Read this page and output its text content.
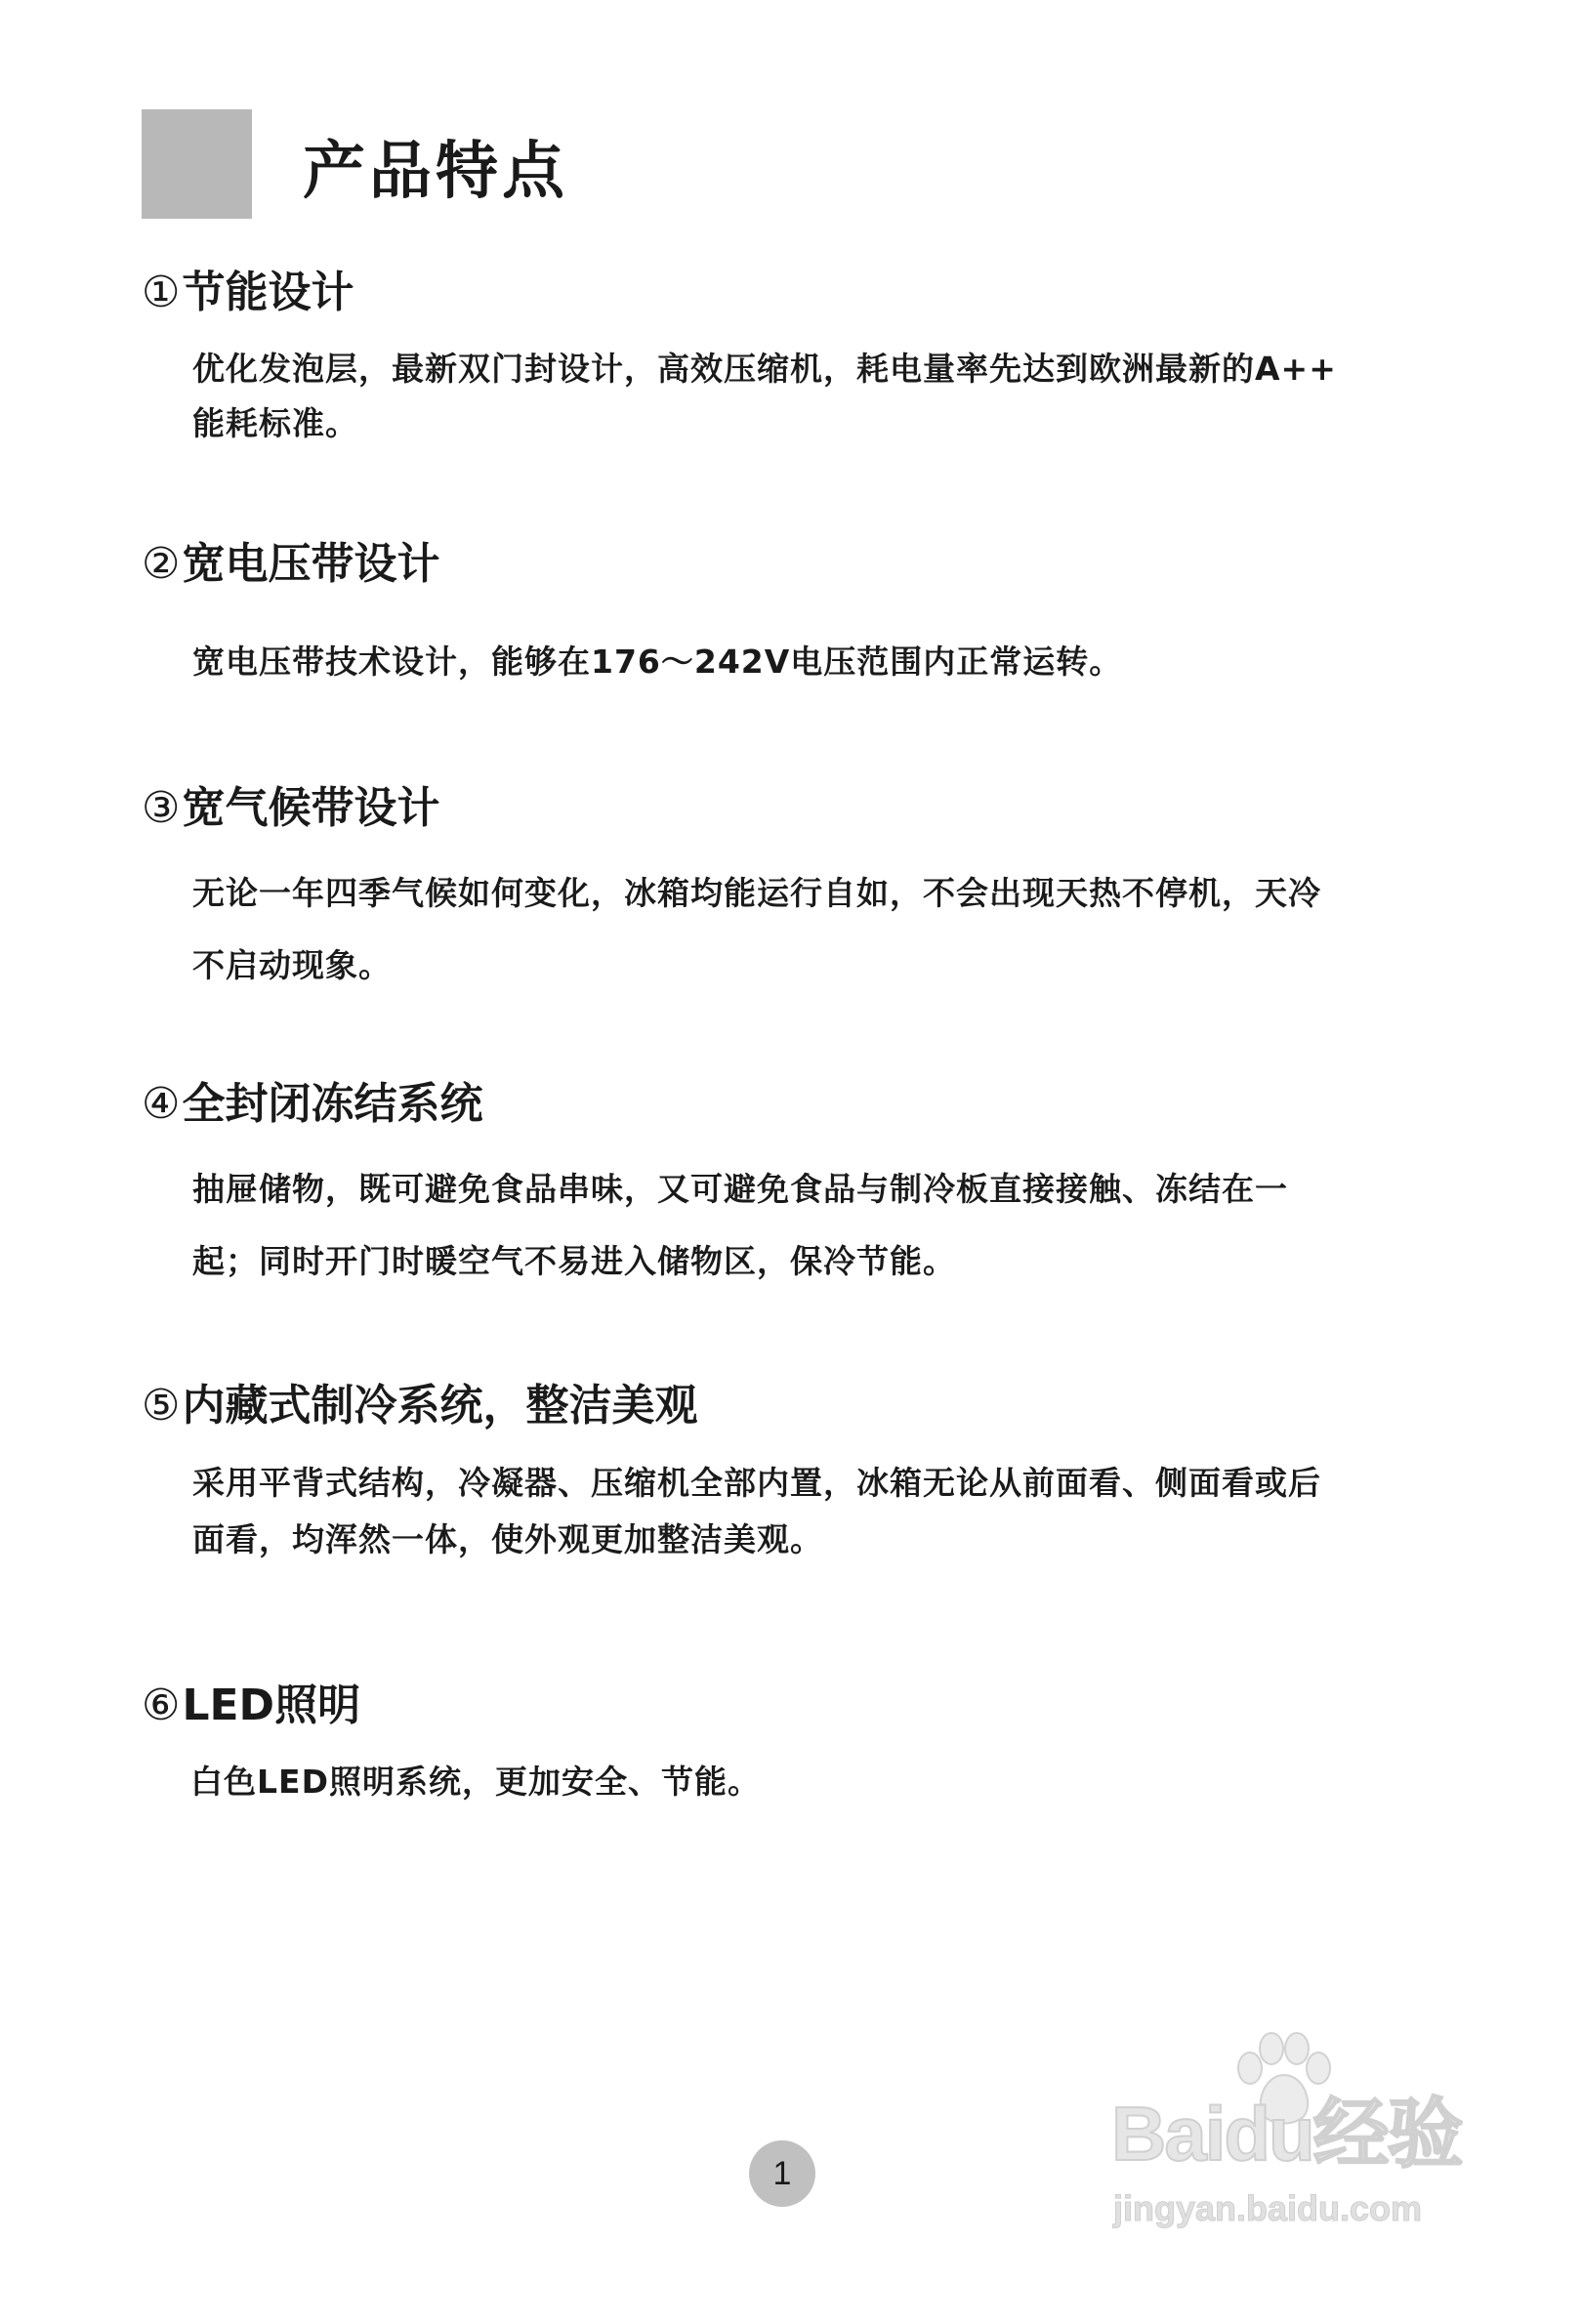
产品特点
①节能设计
优化发泡层，最新双门封设计，高效压缩机，耗电量率先达到欧洲最新的A++
能耗标准。
②宽电压带设计
宽电压带技术设计，能够在176～242V电压范围内正常运转。
③宽气候带设计
无论一年四季气候如何变化，冰箱均能运行自如，不会出现天热不停机，天冷
不启动现象。
④全封闭冻结系统
抽屉储物，既可避免食品串味，又可避免食品与制冷板直接接触、冻结在一
起；同时开门时暖空气不易进入储物区，保冷节能。
⑤内藏式制冷系统，整洁美观
采用平背式结构，冷凝器、压缩机全部内置，冰箱无论从前面看、侧面看或后
面看，均浑然一体，使外观更加整洁美观。
⑥LED照明
白色LED照明系统，更加安全、节能。
1	Baidu经验
jingyan.baidu.com
